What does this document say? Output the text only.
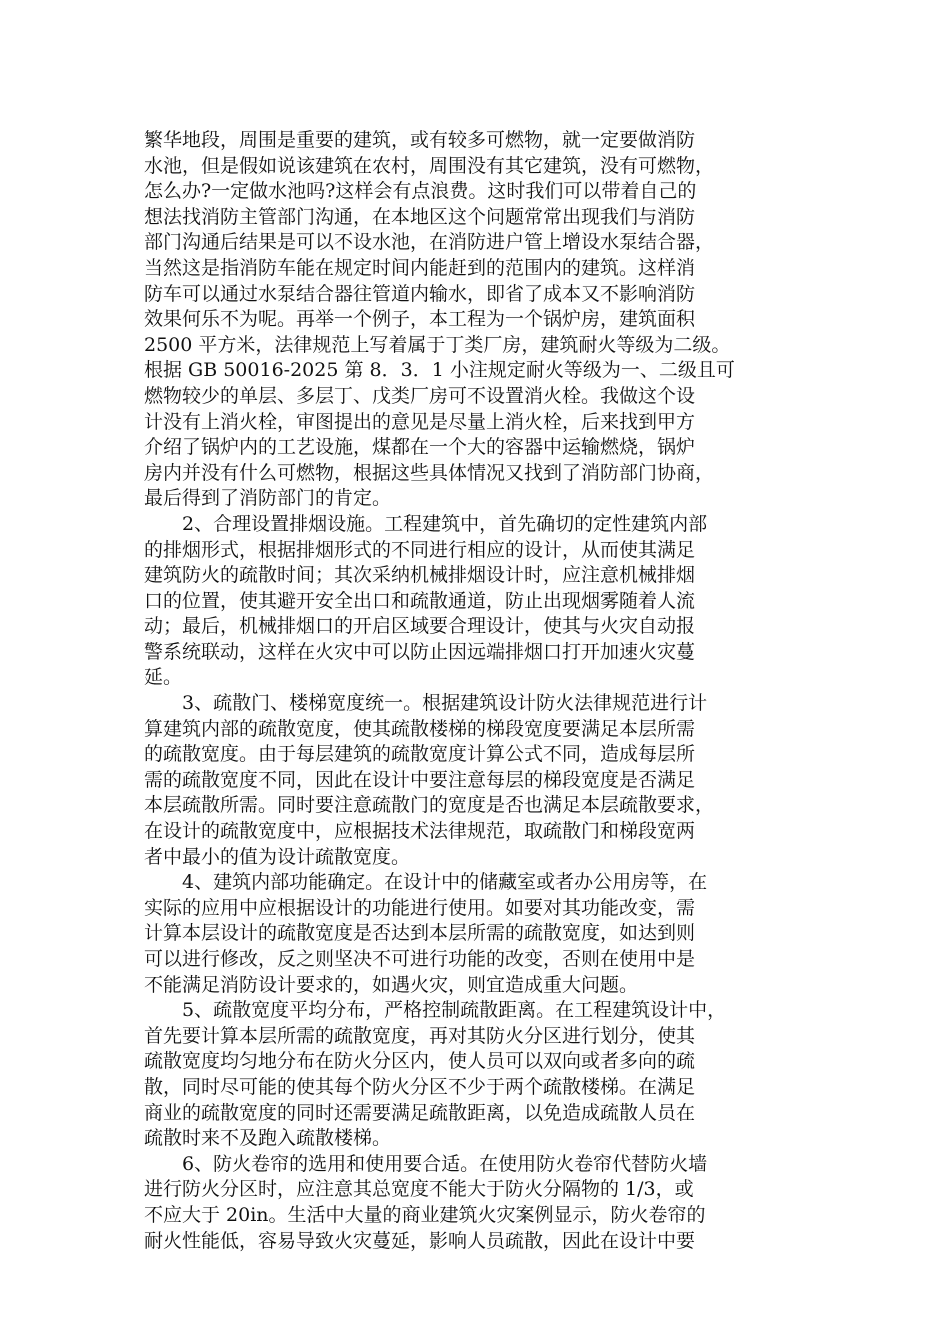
繁华地段，周围是重要的建筑，或有较多可燃物，就一定要做消防
水池，但是假如说该建筑在农村，周围没有其它建筑，没有可燃物，
怎么办?一定做水池吗?这样会有点浪费。这时我们可以带着自己的
想法找消防主管部门沟通，在本地区这个问题常常出现我们与消防
部门沟通后结果是可以不设水池，在消防进户管上增设水泵结合器，
当然这是指消防车能在规定时间内能赶到的范围内的建筑。这样消
防车可以通过水泵结合器往管道内输水，即省了成本又不影响消防
效果何乐不为呢。再举一个例子，本工程为一个锅炉房，建筑面积
2500 平方米，法律规范上写着属于丁类厂房，建筑耐火等级为二级。
根据 GB 50016-2025 第 8．3．1 小注规定耐火等级为一、二级且可
燃物较少的单层、多层丁、戊类厂房可不设置消火栓。我做这个设
计没有上消火栓，审图提出的意见是尽量上消火栓，后来找到甲方
介绍了锅炉内的工艺设施，煤都在一个大的容器中运输燃烧，锅炉
房内并没有什么可燃物，根据这些具体情况又找到了消防部门协商，
最后得到了消防部门的肯定。
　　2、合理设置排烟设施。工程建筑中，首先确切的定性建筑内部
的排烟形式，根据排烟形式的不同进行相应的设计，从而使其满足
建筑防火的疏散时间；其次采纳机械排烟设计时，应注意机械排烟
口的位置，使其避开安全出口和疏散通道，防止出现烟雾随着人流
动；最后，机械排烟口的开启区域要合理设计，使其与火灾自动报
警系统联动，这样在火灾中可以防止因远端排烟口打开加速火灾蔓
延。
　　3、疏散门、楼梯宽度统一。根据建筑设计防火法律规范进行计
算建筑内部的疏散宽度，使其疏散楼梯的梯段宽度要满足本层所需
的疏散宽度。由于每层建筑的疏散宽度计算公式不同，造成每层所
需的疏散宽度不同，因此在设计中要注意每层的梯段宽度是否满足
本层疏散所需。同时要注意疏散门的宽度是否也满足本层疏散要求，
在设计的疏散宽度中，应根据技术法律规范，取疏散门和梯段宽两
者中最小的值为设计疏散宽度。
　　4、建筑内部功能确定。在设计中的储藏室或者办公用房等，在
实际的应用中应根据设计的功能进行使用。如要对其功能改变，需
计算本层设计的疏散宽度是否达到本层所需的疏散宽度，如达到则
可以进行修改，反之则坚决不可进行功能的改变，否则在使用中是
不能满足消防设计要求的，如遇火灾，则宜造成重大问题。
　　5、疏散宽度平均分布，严格控制疏散距离。在工程建筑设计中，
首先要计算本层所需的疏散宽度，再对其防火分区进行划分，使其
疏散宽度均匀地分布在防火分区内，使人员可以双向或者多向的疏
散，同时尽可能的使其每个防火分区不少于两个疏散楼梯。在满足
商业的疏散宽度的同时还需要满足疏散距离，以免造成疏散人员在
疏散时来不及跑入疏散楼梯。
　　6、防火卷帘的选用和使用要合适。在使用防火卷帘代替防火墙
进行防火分区时，应注意其总宽度不能大于防火分隔物的 1/3，或
不应大于 20in。生活中大量的商业建筑火灾案例显示，防火卷帘的
耐火性能低，容易导致火灾蔓延，影响人员疏散，因此在设计中要
